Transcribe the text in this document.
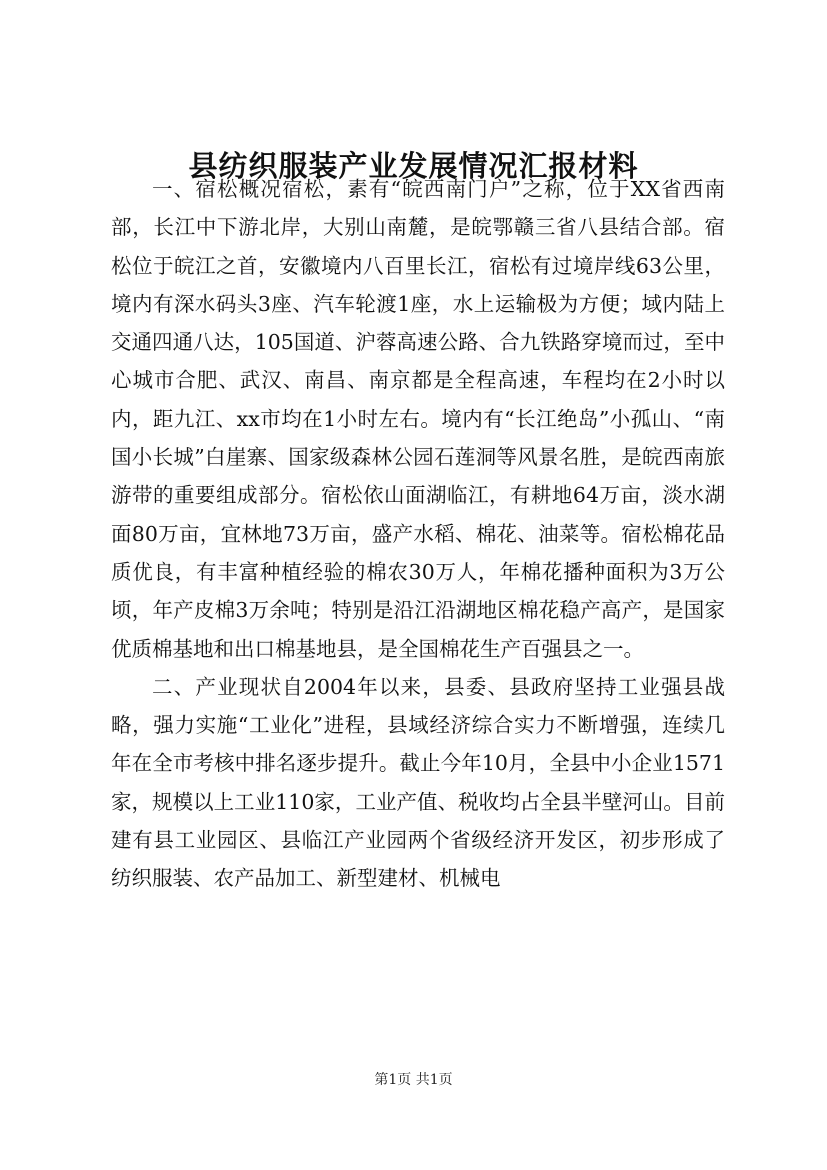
县纺织服装产业发展情况汇报材料

一、宿松概况宿松，素有“皖西南门户”之称，位于XX省西南部，长江中下游北岸，大别山南麓，是皖鄂赣三省八县结合部。宿松位于皖江之首，安徽境内八百里长江，宿松有过境岸线63公里，境内有深水码头3座、汽车轮渡1座，水上运输极为方便；域内陆上交通四通八达，105国道、沪蓉高速公路、合九铁路穿境而过，至中心城市合肥、武汉、南昌、南京都是全程高速，车程均在2小时以内，距九江、xx市均在1小时左右。境内有“长江绝岛”小孤山、“南国小长城”白崖寨、国家级森林公园石莲洞等风景名胜，是皖西南旅游带的重要组成部分。宿松依山面湖临江，有耕地64万亩，淡水湖面80万亩，宜林地73万亩，盛产水稻、棉花、油菜等。宿松棉花品质优良，有丰富种植经验的棉农30万人，年棉花播种面积为3万公顷，年产皮棉3万余吨；特别是沿江沿湖地区棉花稳产高产，是国家优质棉基地和出口棉基地县，是全国棉花生产百强县之一。

二、产业现状自2004年以来，县委、县政府坚持工业强县战略，强力实施“工业化”进程，县域经济综合实力不断增强，连续几年在全市考核中排名逐步提升。截止今年10月，全县中小企业1571家，规模以上工业110家，工业产值、税收均占全县半壁河山。目前建有县工业园区、县临江产业园两个省级经济开发区，初步形成了纺织服装、农产品加工、新型建材、机械电

第1页 共1页
